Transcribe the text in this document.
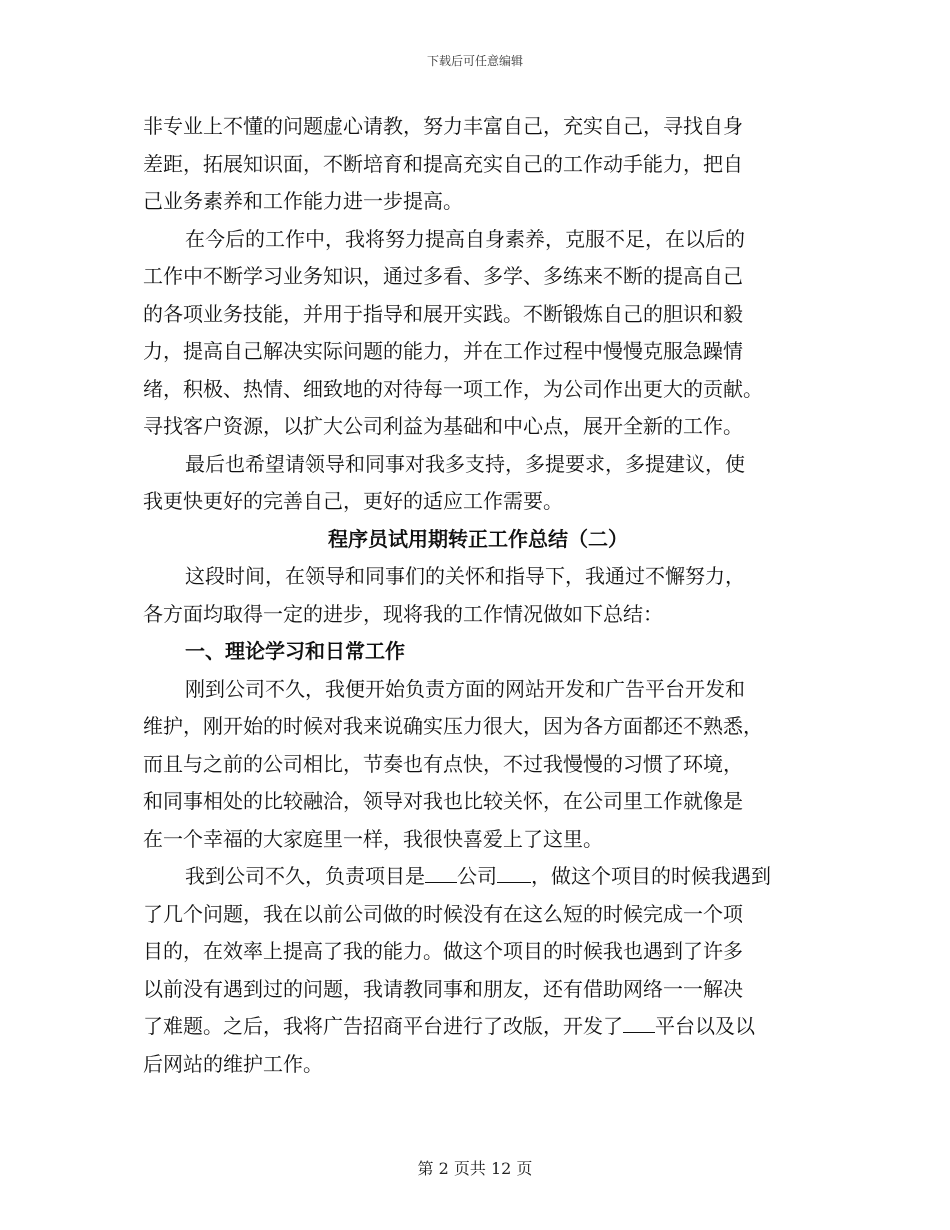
下载后可任意编辑
非专业上不懂的问题虚心请教，努力丰富自己，充实自己，寻找自身
差距，拓展知识面，不断培育和提高充实自己的工作动手能力，把自
己业务素养和工作能力进一步提高。
在今后的工作中，我将努力提高自身素养，克服不足，在以后的
工作中不断学习业务知识，通过多看、多学、多练来不断的提高自己
的各项业务技能，并用于指导和展开实践。不断锻炼自己的胆识和毅
力，提高自己解决实际问题的能力，并在工作过程中慢慢克服急躁情
绪，积极、热情、细致地的对待每一项工作，为公司作出更大的贡献。
寻找客户资源，以扩大公司利益为基础和中心点，展开全新的工作。
最后也希望请领导和同事对我多支持，多提要求，多提建议，使
我更快更好的完善自己，更好的适应工作需要。
程序员试用期转正工作总结（二）
这段时间，在领导和同事们的关怀和指导下，我通过不懈努力，
各方面均取得一定的进步，现将我的工作情况做如下总结：
一、理论学习和日常工作
刚到公司不久，我便开始负责方面的网站开发和广告平台开发和
维护，刚开始的时候对我来说确实压力很大，因为各方面都还不熟悉，
而且与之前的公司相比，节奏也有点快，不过我慢慢的习惯了环境，
和同事相处的比较融洽，领导对我也比较关怀，在公司里工作就像是
在一个幸福的大家庭里一样，我很快喜爱上了这里。
我到公司不久，负责项目是 公司 ，做这个项目的时候我遇到
了几个问题，我在以前公司做的时候没有在这么短的时候完成一个项
目的，在效率上提高了我的能力。做这个项目的时候我也遇到了许多
以前没有遇到过的问题，我请教同事和朋友，还有借助网络一一解决
了难题。之后，我将广告招商平台进行了改版，开发了 平台以及以
后网站的维护工作。
第 2 页共 12 页
